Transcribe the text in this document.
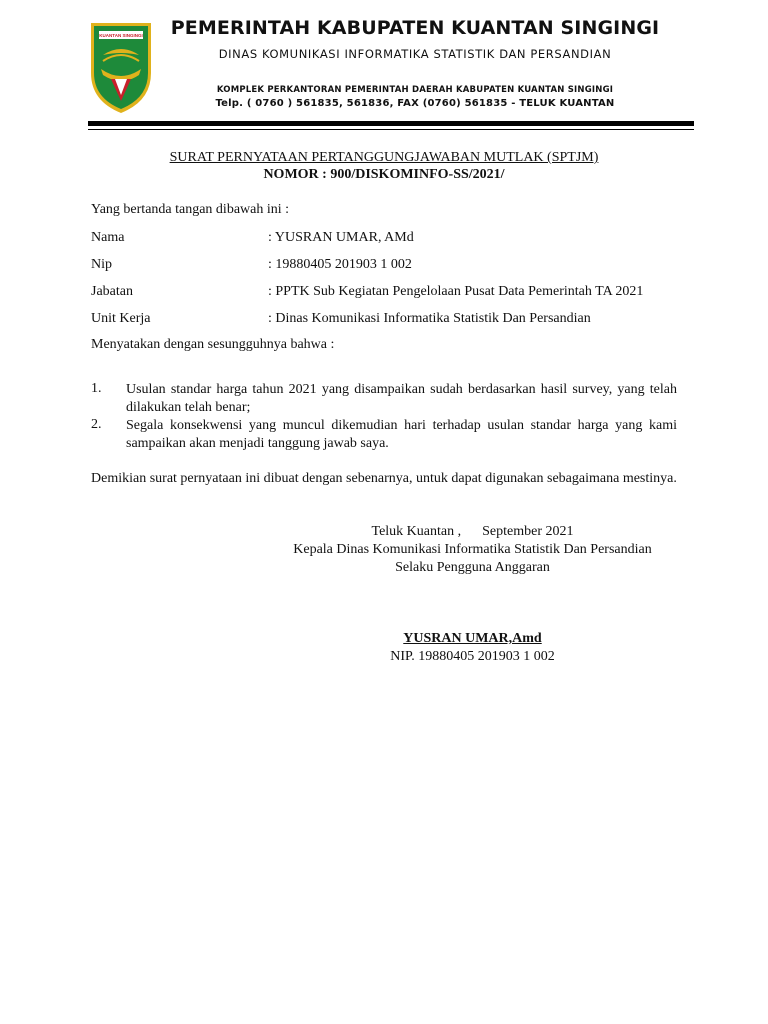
KUANTAN SINGINGI	PEMERINTAH KABUPATEN KUANTAN SINGINGI
DINAS KOMUNIKASI INFORMATIKA STATISTIK DAN PERSANDIAN
KOMPLEK PERKANTORAN PEMERINTAH DAERAH KABUPATEN KUANTAN SINGINGI
Telp. ( 0760 ) 561835, 561836, FAX (0760) 561835 - TELUK KUANTAN
SURAT PERNYATAAN PERTANGGUNGJAWABAN MUTLAK (SPTJM)
NOMOR : 900/DISKOMINFO-SS/2021/
Yang bertanda tangan dibawah ini :
Nama	: YUSRAN UMAR, AMd
Nip	: 19880405 201903 1 002
Jabatan	: PPTK Sub Kegiatan Pengelolaan Pusat Data Pemerintah TA 2021
Unit Kerja	: Dinas Komunikasi Informatika Statistik Dan Persandian
Menyatakan dengan sesungguhnya bahwa :
1. Usulan standar harga tahun 2021 yang disampaikan sudah berdasarkan hasil survey, yang telah dilakukan telah benar;
2. Segala konsekwensi yang muncul dikemudian hari terhadap usulan standar harga yang kami sampaikan akan menjadi tanggung jawab saya.
Demikian surat pernyataan ini dibuat dengan sebenarnya, untuk dapat digunakan sebagaimana mestinya.
Teluk Kuantan ,      September 2021
Kepala Dinas Komunikasi Informatika Statistik Dan Persandian
Selaku Pengguna Anggaran
YUSRAN UMAR,Amd
NIP. 19880405 201903 1 002
